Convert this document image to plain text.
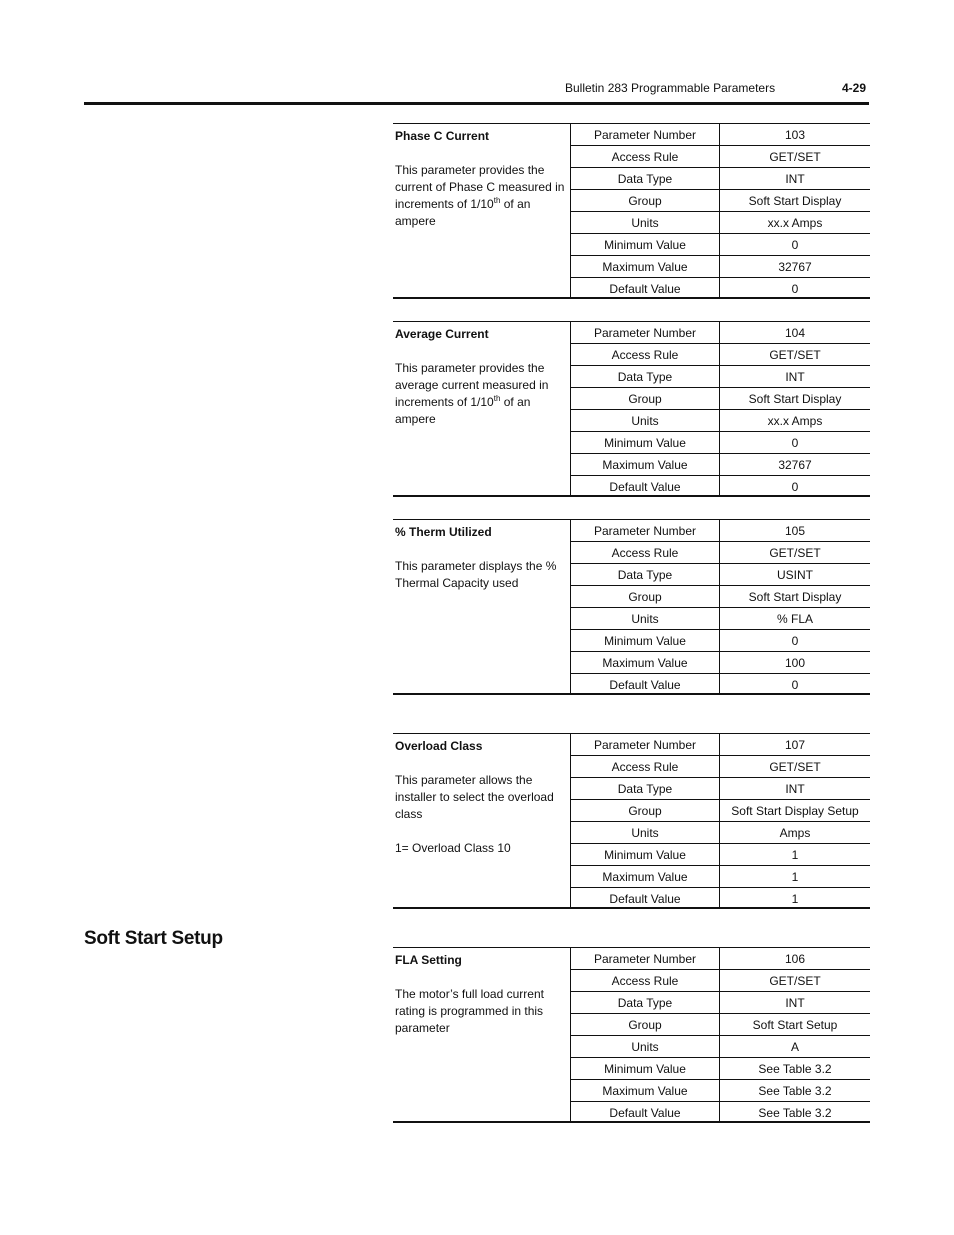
Bulletin 283 Programmable Parameters	4-29
Soft Start Setup

Phase C Current

This parameter provides the current of Phase C measured in increments of 1/10th of an ampere

Parameter Number	103
Access Rule	GET/SET
Data Type	INT
Group	Soft Start Display
Units	xx.x Amps
Minimum Value	0
Maximum Value	32767
Default Value	0

Average Current

This parameter provides the average current measured in increments of 1/10th of an ampere

Parameter Number	104
Access Rule	GET/SET
Data Type	INT
Group	Soft Start Display
Units	xx.x Amps
Minimum Value	0
Maximum Value	32767
Default Value	0

% Therm Utilized

This parameter displays the % Thermal Capacity used

Parameter Number	105
Access Rule	GET/SET
Data Type	USINT
Group	Soft Start Display
Units	% FLA
Minimum Value	0
Maximum Value	100
Default Value	0

Overload Class

This parameter allows the installer to select the overload class

1= Overload Class 10

Parameter Number	107
Access Rule	GET/SET
Data Type	INT
Group	Soft Start Display Setup
Units	Amps
Minimum Value	1
Maximum Value	1
Default Value	1

FLA Setting

The motor’s full load current rating is programmed in this parameter

Parameter Number	106
Access Rule	GET/SET
Data Type	INT
Group	Soft Start Setup
Units	A
Minimum Value	See Table 3.2
Maximum Value	See Table 3.2
Default Value	See Table 3.2
